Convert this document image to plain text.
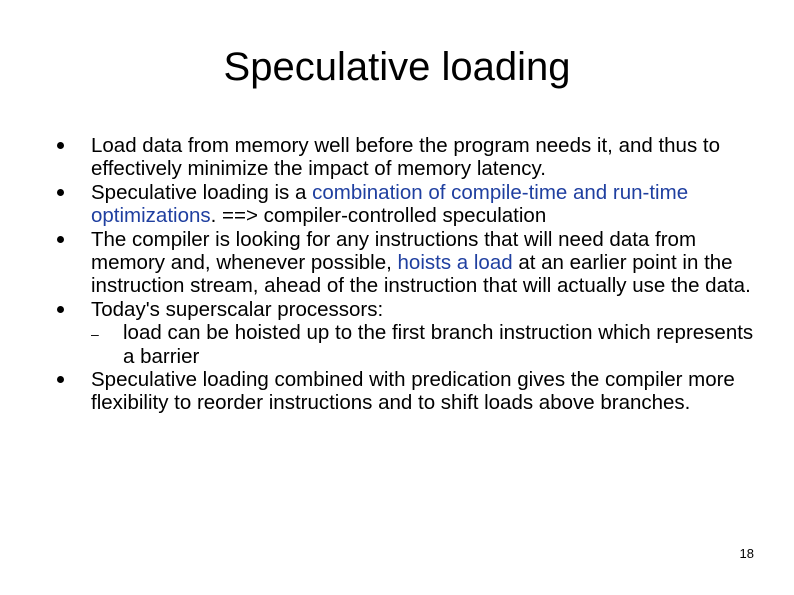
Speculative loading
Load data from memory well before the program needs it, and thus to effectively minimize the impact of memory latency.
Speculative loading is a combination of compile-time and run-time optimizations. ==> compiler-controlled speculation
The compiler is looking for any instructions that will need data from memory and, whenever possible, hoists a load at an earlier point in the instruction stream, ahead of the instruction that will actually use the data.
Today's superscalar processors:
– load can be hoisted up to the first branch instruction which represents a barrier
Speculative loading combined with predication gives the compiler more flexibility to reorder instructions and to shift loads above branches.
18
